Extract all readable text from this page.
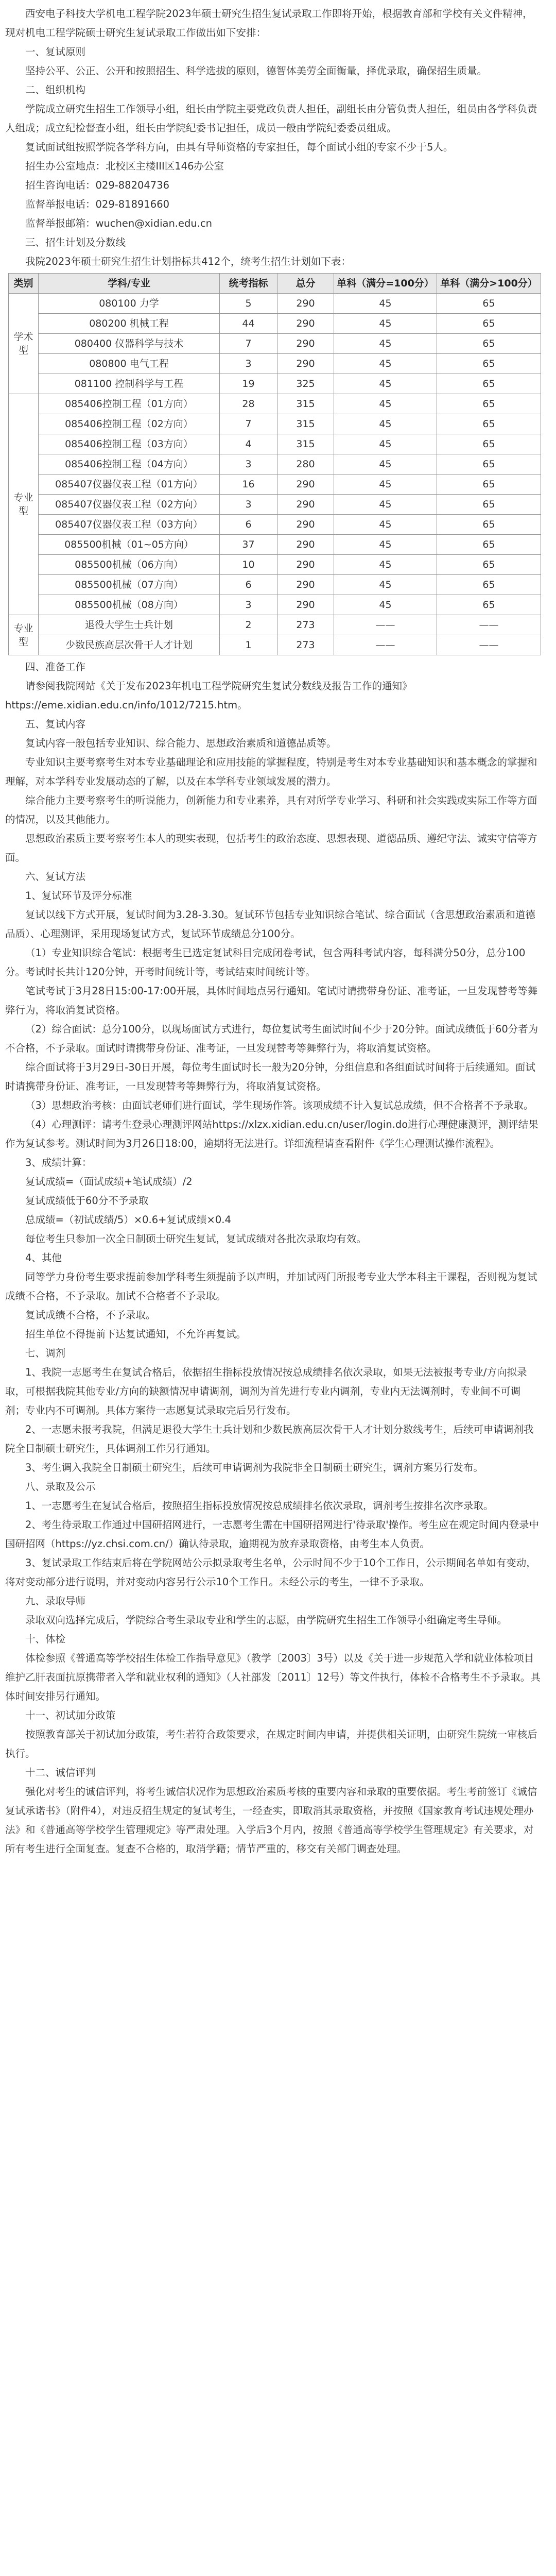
西安电子科技大学机电工程学院2023年硕士研究生招生复试录取工作即将开始，根据教育部和学校有关文件精神，现对机电工程学院硕士研究生复试录取工作做出如下安排：

一、复试原则

坚持公平、公正、公开和按照招生、科学选拔的原则，德智体美劳全面衡量，择优录取，确保招生质量。

二、组织机构

学院成立研究生招生工作领导小组，组长由学院主要党政负责人担任，副组长由分管负责人担任，组员由各学科负责人组成；成立纪检督查小组，组长由学院纪委书记担任，成员一般由学院纪委委员组成。

复试面试组按照学院各学科方向，由具有导师资格的专家担任，每个面试小组的专家不少于5人。

招生办公室地点：北校区主楼III区146办公室

招生咨询电话：029-88204736

监督举报电话：029-81891660

监督举报邮箱：wuchen@xidian.edu.cn

三、招生计划及分数线

我院2023年硕士研究生招生计划指标共412个，统考生招生计划如下表：

类别	学科/专业	统考指标	总分	单科（满分=100分）	单科（满分>100分）
学术型	080100 力学	5	290	45	65
	080200 机械工程	44	290	45	65
	080400 仪器科学与技术	7	290	45	65
	080800 电气工程	3	290	45	65
	081100 控制科学与工程	19	325	45	65
专业型	085406控制工程（01方向）	28	315	45	65
	085406控制工程（02方向）	7	315	45	65
	085406控制工程（03方向）	4	315	45	65
	085406控制工程（04方向）	3	280	45	65
	085407仪器仪表工程（01方向）	16	290	45	65
	085407仪器仪表工程（02方向）	3	290	45	65
	085407仪器仪表工程（03方向）	6	290	45	65
	085500机械（01~05方向）	37	290	45	65
	085500机械（06方向）	10	290	45	65
	085500机械（07方向）	6	290	45	65
	085500机械（08方向）	3	290	45	65
专业型	退役大学生士兵计划	2	273	——	——
	少数民族高层次骨干人才计划	1	273	——	——

四、准备工作

请参阅我院网站《关于发布2023年机电工程学院研究生复试分数线及报告工作的通知》https://eme.xidian.edu.cn/info/1012/7215.htm。

五、复试内容

复试内容一般包括专业知识、综合能力、思想政治素质和道德品质等。

专业知识主要考察考生对本专业基础理论和应用技能的掌握程度，特别是考生对本专业基础知识和基本概念的掌握和理解，对本学科专业发展动态的了解，以及在本学科专业领域发展的潜力。

综合能力主要考察考生的听说能力，创新能力和专业素养，具有对所学专业学习、科研和社会实践或实际工作等方面的情况，以及其他能力。

思想政治素质主要考察考生本人的现实表现，包括考生的政治态度、思想表现、道德品质、遵纪守法、诚实守信等方面。

六、复试方法

1、复试环节及评分标准

复试以线下方式开展，复试时间为3.28-3.30。复试环节包括专业知识综合笔试、综合面试（含思想政治素质和道德品质）、心理测评，采用现场复试方式，复试环节成绩总分100分。

（1）专业知识综合笔试：根据考生已选定复试科目完成闭卷考试，包含两科考试内容，每科满分50分，总分100分。考试时长共计120分钟，开考时间统计等，考试结束时间统计等。

笔试考试于3月28日15:00-17:00开展，具体时间地点另行通知。笔试时请携带身份证、准考证，一旦发现替考等舞弊行为，将取消复试资格。

（2）综合面试：总分100分，以现场面试方式进行，每位复试考生面试时间不少于20分钟。面试成绩低于60分者为不合格，不予录取。面试时请携带身份证、准考证，一旦发现替考等舞弊行为，将取消复试资格。

综合面试将于3月29日-30日开展，每位考生面试时长一般为20分钟，分组信息和各组面试时间将于后续通知。面试时请携带身份证、准考证，一旦发现替考等舞弊行为，将取消复试资格。

（3）思想政治考核：由面试老师们进行面试，学生现场作答。该项成绩不计入复试总成绩，但不合格者不予录取。

（4）心理测评：请考生登录心理测评网站https://xlzx.xidian.edu.cn/user/login.do进行心理健康测评，测评结果作为复试参考。测试时间为3月26日18:00，逾期将无法进行。详细流程请查看附件《学生心理测试操作流程》。

3、成绩计算：

复试成绩=（面试成绩+笔试成绩）/2

复试成绩低于60分不予录取

总成绩=（初试成绩/5）×0.6+复试成绩×0.4

每位考生只参加一次全日制硕士研究生复试，复试成绩对各批次录取均有效。

4、其他

同等学力身份考生要求提前参加学科考生须提前予以声明，并加试两门所报考专业大学本科主干课程，否则视为复试成绩不合格，不予录取。加试不合格者不予录取。

复试成绩不合格，不予录取。

招生单位不得提前下达复试通知，不允许再复试。

七、调剂

1、我院一志愿考生在复试合格后，依据招生指标投放情况按总成绩排名依次录取，如果无法被报考专业/方向拟录取，可根据我院其他专业/方向的缺额情况申请调剂，调剂为首先进行专业内调剂，专业内无法调剂时，专业间不可调剂；专业内不可调剂。具体方案待一志愿复试录取完后另行发布。

2、一志愿未报考我院，但满足退役大学生士兵计划和少数民族高层次骨干人才计划分数线考生，后续可申请调剂我院全日制硕士研究生，具体调剂工作另行通知。

3、考生调入我院全日制硕士研究生，后续可申请调剂为我院非全日制硕士研究生，调剂方案另行发布。

八、录取及公示

1、一志愿考生在复试合格后，按照招生指标投放情况按总成绩排名依次录取，调剂考生按排名次序录取。

2、考生待录取工作通过中国研招网进行，一志愿考生需在中国研招网进行'待录取'操作。考生应在规定时间内登录中国研招网（https://yz.chsi.com.cn/）确认待录取，逾期视为放弃录取资格，由考生本人负责。

3、复试录取工作结束后将在学院网站公示拟录取考生名单，公示时间不少于10个工作日，公示期间名单如有变动，将对变动部分进行说明，并对变动内容另行公示10个工作日。未经公示的考生，一律不予录取。

九、录取导师

录取双向选择完成后，学院综合考生录取专业和学生的志愿，由学院研究生招生工作领导小组确定考生导师。

十、体检

体检参照《普通高等学校招生体检工作指导意见》（教学〔2003〕3号）以及《关于进一步规范入学和就业体检项目维护乙肝表面抗原携带者入学和就业权利的通知》（人社部发〔2011〕12号）等文件执行，体检不合格考生不予录取。具体时间安排另行通知。

十一、初试加分政策

按照教育部关于初试加分政策，考生若符合政策要求，在规定时间内申请，并提供相关证明，由研究生院统一审核后执行。

十二、诚信评判

强化对考生的诚信评判，将考生诚信状况作为思想政治素质考核的重要内容和录取的重要依据。考生考前签订《诚信复试承诺书》（附件4），对违反招生规定的复试考生，一经查实，即取消其录取资格，并按照《国家教育考试违规处理办法》和《普通高等学校学生管理规定》等严肃处理。入学后3个月内，按照《普通高等学校学生管理规定》有关要求，对所有考生进行全面复查。复查不合格的，取消学籍；情节严重的，移交有关部门调查处理。
